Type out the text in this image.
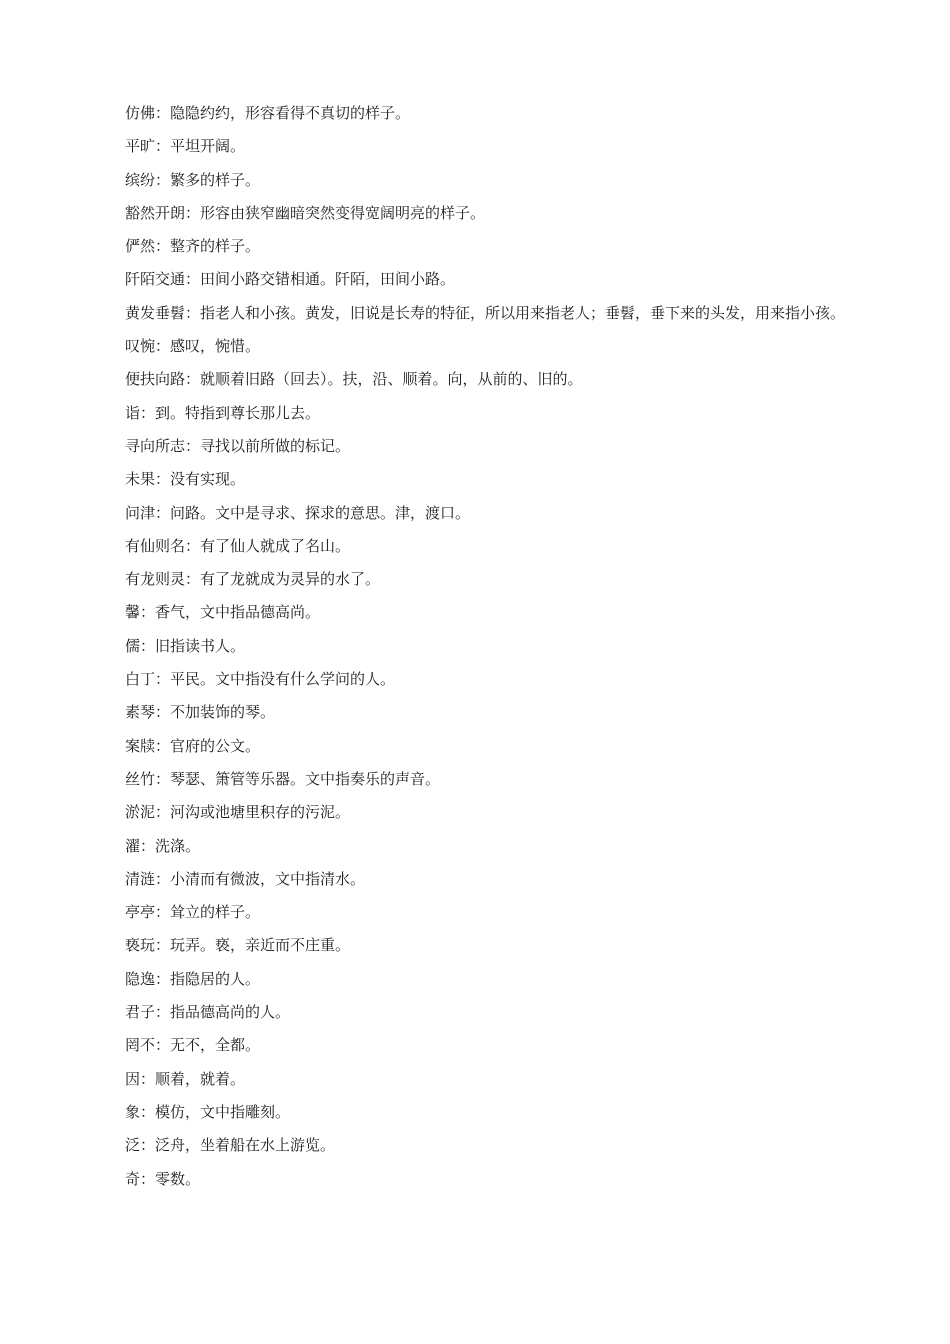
仿佛：隐隐约约，形容看得不真切的样子。

平旷：平坦开阔。

缤纷：繁多的样子。

豁然开朗：形容由狭窄幽暗突然变得宽阔明亮的样子。

俨然：整齐的样子。

阡陌交通：田间小路交错相通。阡陌，田间小路。

黄发垂髫：指老人和小孩。黄发，旧说是长寿的特征，所以用来指老人；垂髫，垂下来的头发，用来指小孩。

叹惋：感叹，惋惜。

便扶向路：就顺着旧路（回去）。扶，沿、顺着。向，从前的、旧的。

诣：到。特指到尊长那儿去。

寻向所志：寻找以前所做的标记。

未果：没有实现。

问津：问路。文中是寻求、探求的意思。津，渡口。

有仙则名：有了仙人就成了名山。

有龙则灵：有了龙就成为灵异的水了。

馨：香气，文中指品德高尚。

儒：旧指读书人。

白丁：平民。文中指没有什么学问的人。

素琴：不加装饰的琴。

案牍：官府的公文。

丝竹：琴瑟、箫管等乐器。文中指奏乐的声音。

淤泥：河沟或池塘里积存的污泥。

濯：洗涤。

清涟：小清而有微波，文中指清水。

亭亭：耸立的样子。

亵玩：玩弄。亵，亲近而不庄重。

隐逸：指隐居的人。

君子：指品德高尚的人。

罔不：无不，全都。

因：顺着，就着。

象：模仿，文中指雕刻。

泛：泛舟，坐着船在水上游览。

奇：零数。
